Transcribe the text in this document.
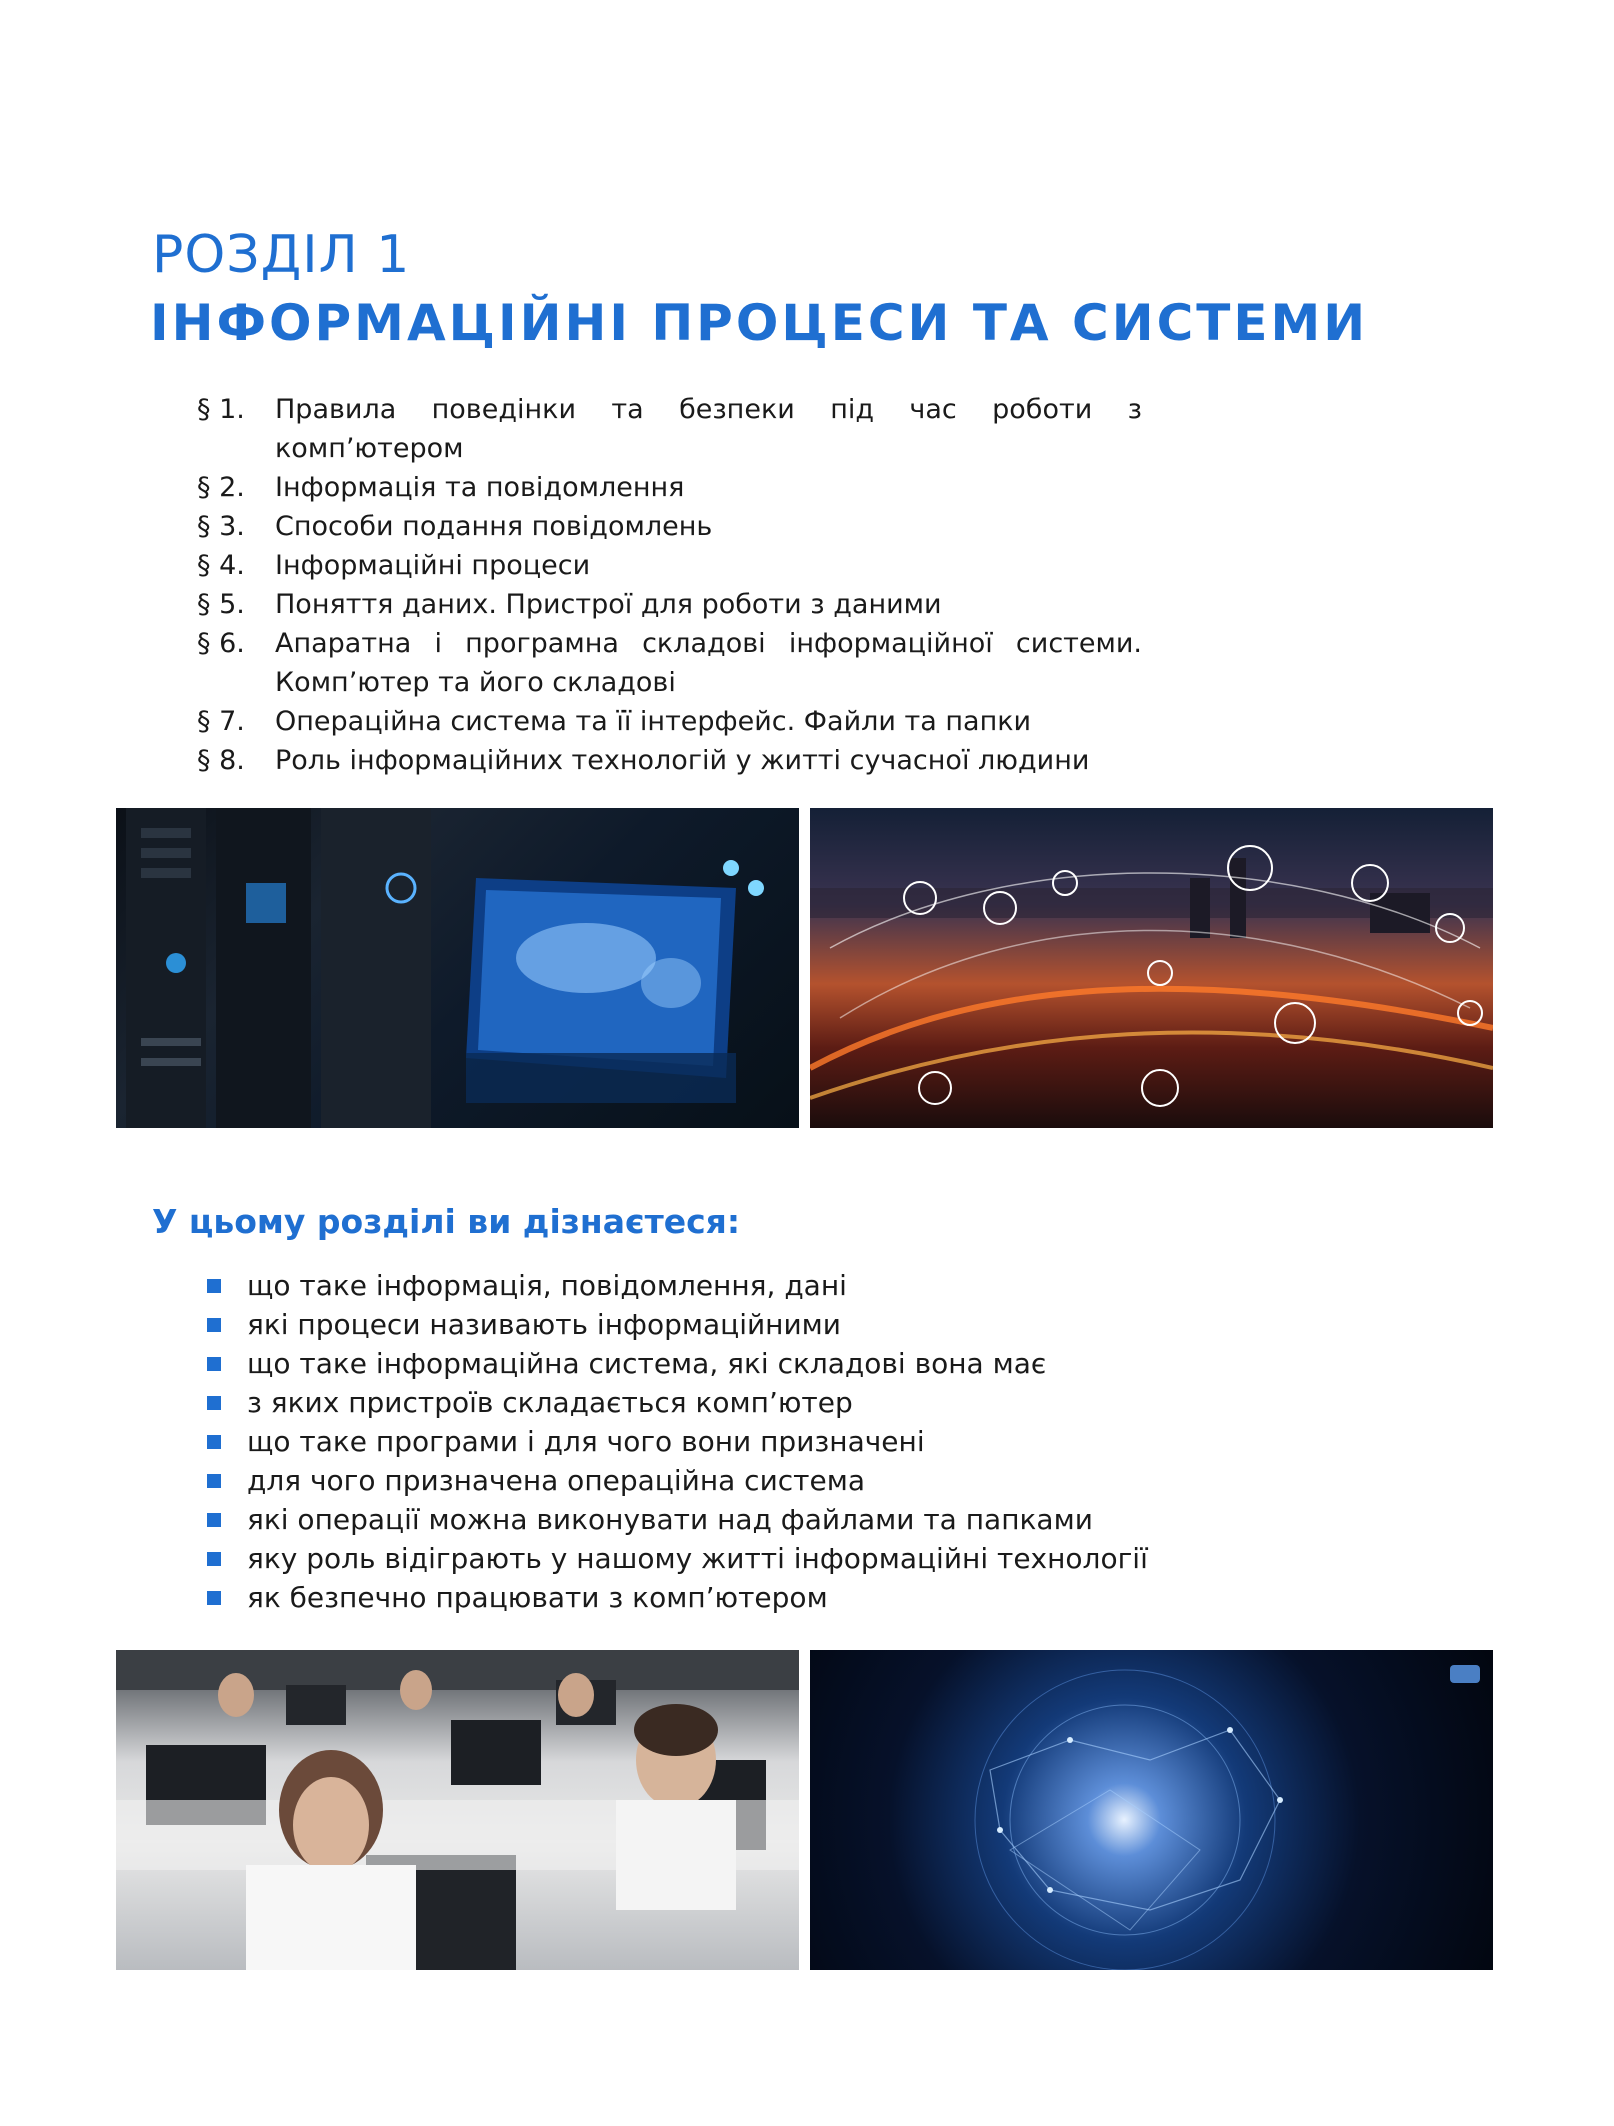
РОЗДІЛ 1
ІНФОРМАЦІЙНІ ПРОЦЕСИ ТА СИСТЕМИ
§ 1.	Правила поведінки та безпеки під час роботи з комп’ютером
§ 2.	Інформація та повідомлення
§ 3.	Способи подання повідомлень
§ 4.	Інформаційні процеси
§ 5.	Поняття даних. Пристрої для роботи з даними
§ 6.	Апаратна і програмна складові інформаційної системи. Комп’ютер та його складові
§ 7.	Операційна система та її інтерфейс. Файли та папки
§ 8.	Роль інформаційних технологій у житті сучасної людини
У цьому розділі ви дізнаєтеся:
що таке інформація, повідомлення, дані
які процеси називають інформаційними
що таке інформаційна система, які складові вона має
з яких пристроїв складається комп’ютер
що таке програми і для чого вони призначені
для чого призначена операційна система
які операції можна виконувати над файлами та папками
яку роль відіграють у нашому житті інформаційні технології
як безпечно працювати з комп’ютером
